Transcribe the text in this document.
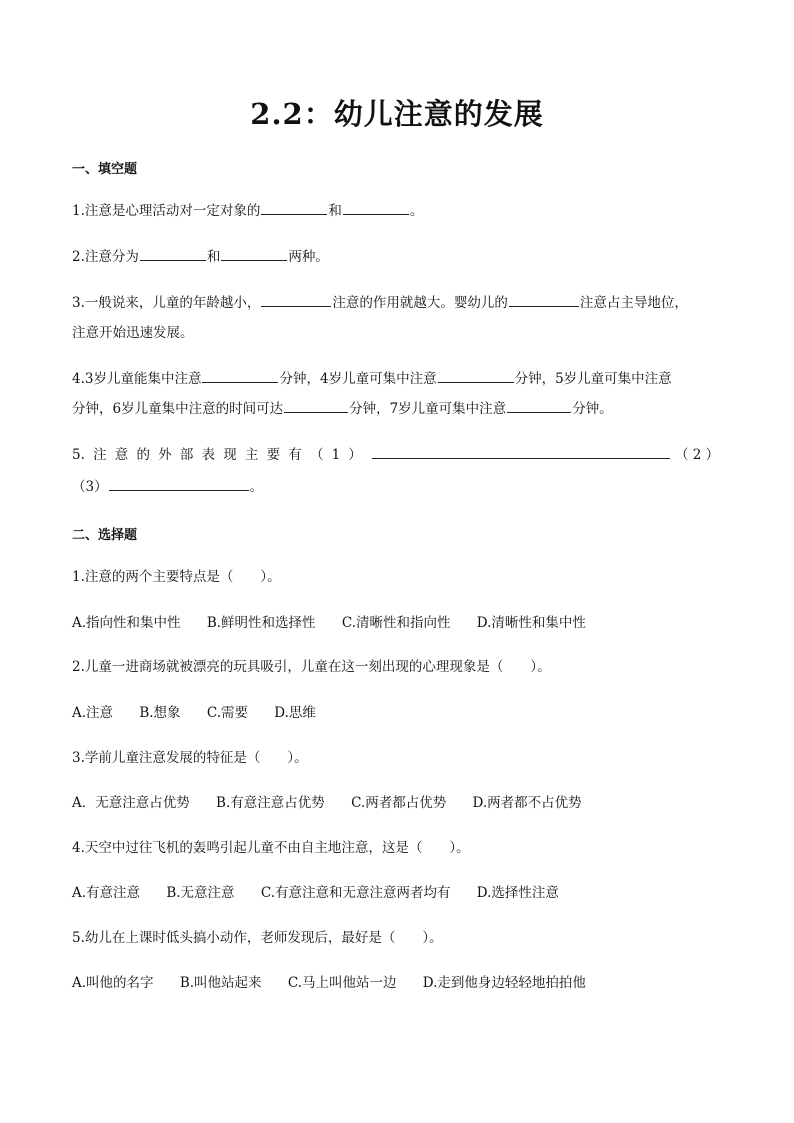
2.2：幼儿注意的发展
一、填空题
1.注意是心理活动对一定对象的	和	。
2.注意分为	和	两种。
3.一般说来，儿童的年龄越小，	注意的作用就越大。婴幼儿的	注意占主导地位，
注意开始迅速发展。
4.3岁儿童能集中注意	分钟，4岁儿童可集中注意	分钟，5岁儿童可集中注意
分钟，6岁儿童集中注意的时间可达	分钟，7岁儿童可集中注意	分钟。
5. 注 意 的 外 部 表 现 主 要 有 （ 1 ）	（ 2 ）
（3）	。
二、选择题
1.注意的两个主要特点是（　　）。
A.指向性和集中性 B.鲜明性和选择性 C.清晰性和指向性 D.清晰性和集中性
2.儿童一进商场就被漂亮的玩具吸引，儿童在这一刻出现的心理现象是（　　）。
A.注意 B.想象 C.需要 D.思维
3.学前儿童注意发展的特征是（　　）。
A．无意注意占优势 B.有意注意占优势 C.两者都占优势 D.两者都不占优势
4.天空中过往飞机的轰鸣引起儿童不由自主地注意，这是（　　）。
A.有意注意 B.无意注意 C.有意注意和无意注意两者均有 D.选择性注意
5.幼儿在上课时低头搞小动作，老师发现后，最好是（　　）。
A.叫他的名字 B.叫他站起来 C.马上叫他站一边 D.走到他身边轻轻地拍拍他
